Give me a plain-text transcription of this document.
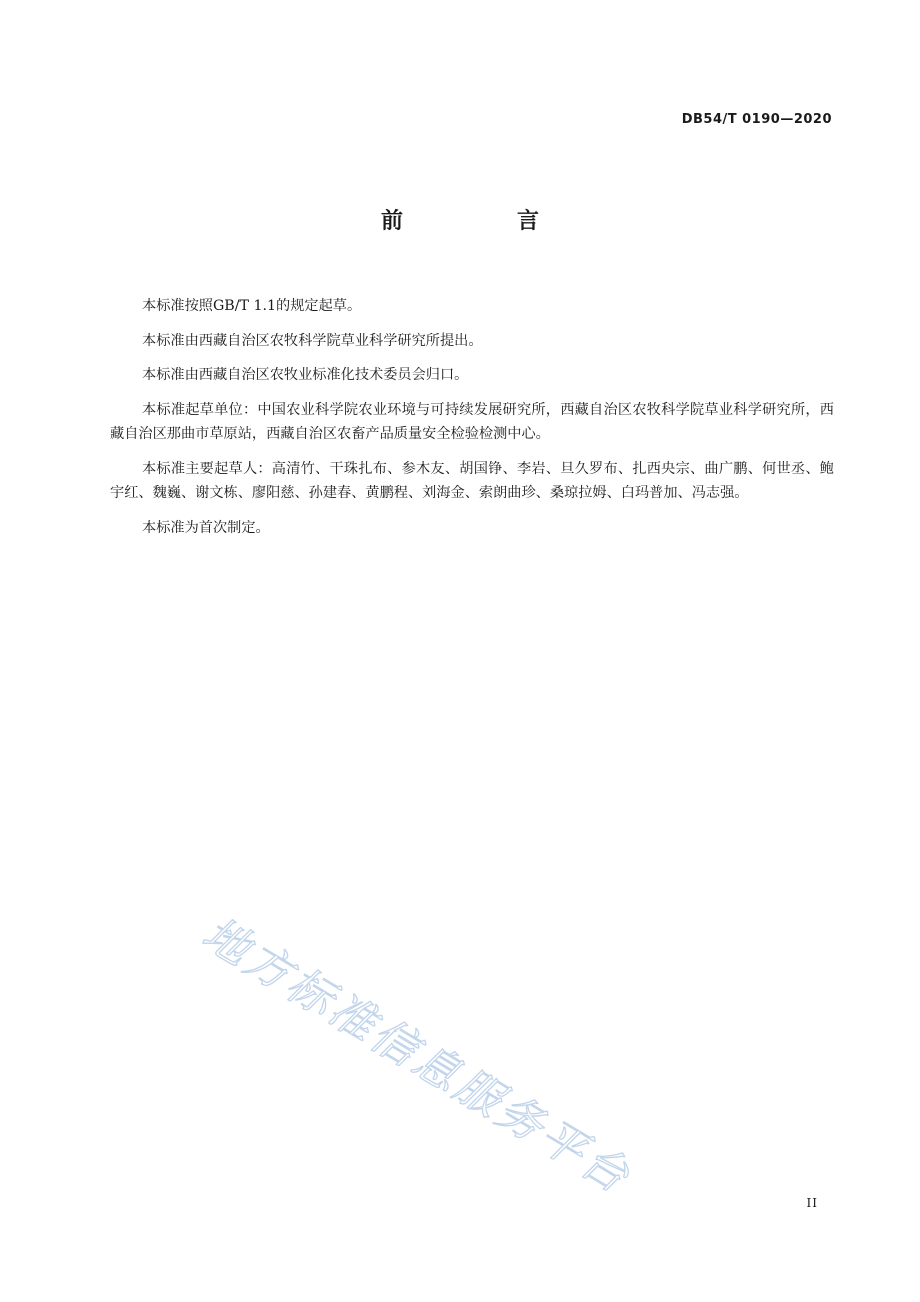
DB54/T 0190—2020
前　言

本标准按照GB/T 1.1的规定起草。

本标准由西藏自治区农牧科学院草业科学研究所提出。

本标准由西藏自治区农牧业标准化技术委员会归口。

本标准起草单位：中国农业科学院农业环境与可持续发展研究所，西藏自治区农牧科学院草业科学研究所，西藏自治区那曲市草原站，西藏自治区农畜产品质量安全检验检测中心。

本标准主要起草人：高清竹、干珠扎布、参木友、胡国铮、李岩、旦久罗布、扎西央宗、曲广鹏、何世丞、鲍宇红、魏巍、谢文栋、廖阳慈、孙建春、黄鹏程、刘海金、索朗曲珍、桑琼拉姆、白玛普加、冯志强。

本标准为首次制定。

地方标准信息服务平台	II
